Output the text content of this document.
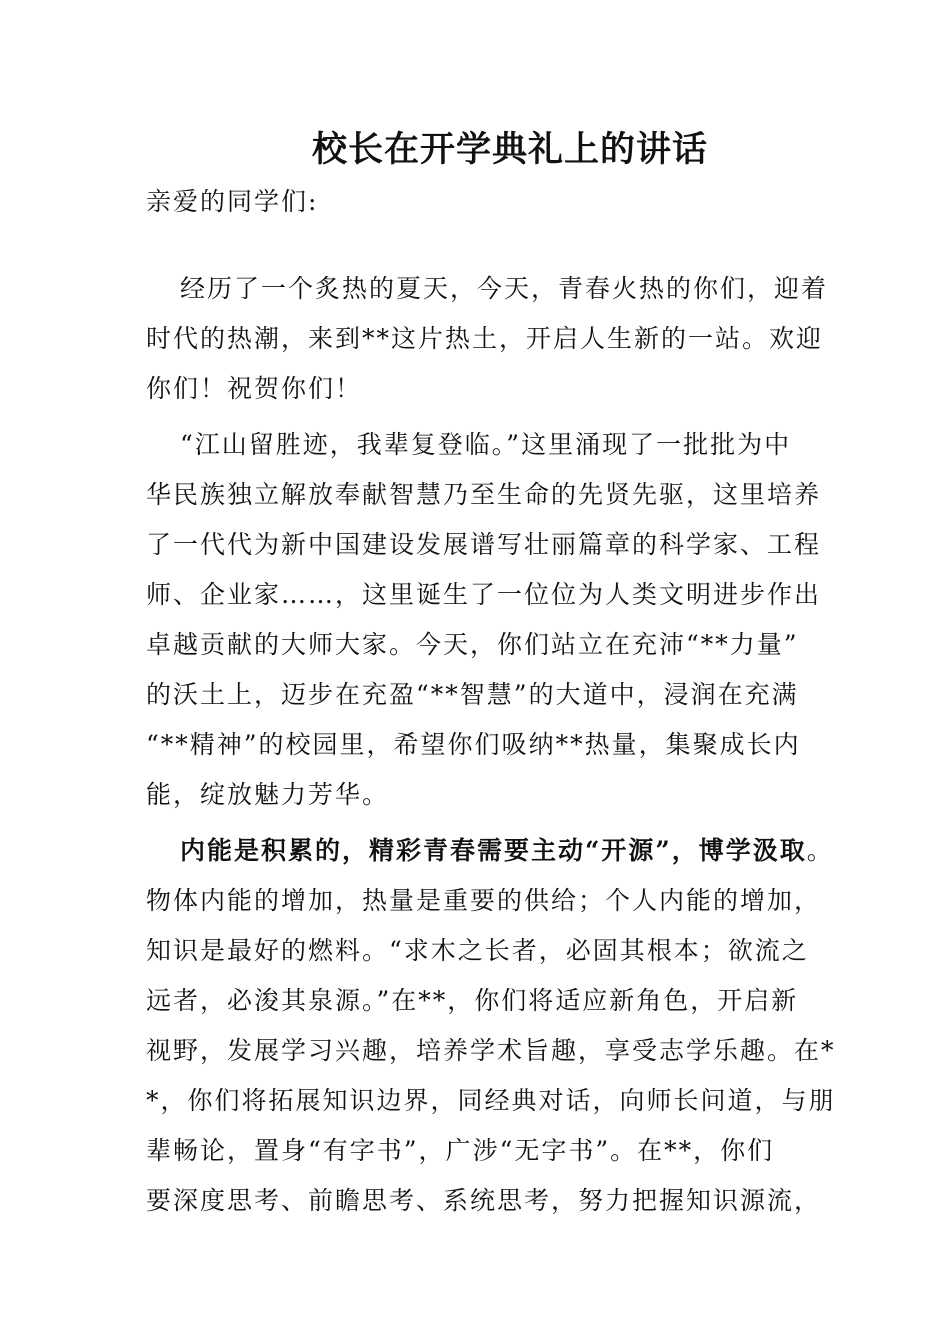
校长在开学典礼上的讲话
亲爱的同学们:
经历了一个炙热的夏天，今天，青春火热的你们，迎着
时代的热潮，来到**这片热土，开启人生新的一站。欢迎
你们！祝贺你们！
“江山留胜迹，我辈复登临。”这里涌现了一批批为中
华民族独立解放奉献智慧乃至生命的先贤先驱，这里培养
了一代代为新中国建设发展谱写壮丽篇章的科学家、工程
师、企业家……，这里诞生了一位位为人类文明进步作出
卓越贡献的大师大家。今天，你们站立在充沛“**力量”
的沃土上，迈步在充盈“**智慧”的大道中，浸润在充满
“**精神”的校园里，希望你们吸纳**热量，集聚成长内
能，绽放魅力芳华。
内能是积累的，精彩青春需要主动“开源”，博学汲取。
物体内能的增加，热量是重要的供给；个人内能的增加，
知识是最好的燃料。“求木之长者，必固其根本；欲流之
远者，必浚其泉源。”在**，你们将适应新角色，开启新
视野，发展学习兴趣，培养学术旨趣，享受志学乐趣。在*
*，你们将拓展知识边界，同经典对话，向师长问道，与朋
辈畅论，置身“有字书”，广涉“无字书”。在**，你们
要深度思考、前瞻思考、系统思考，努力把握知识源流，
